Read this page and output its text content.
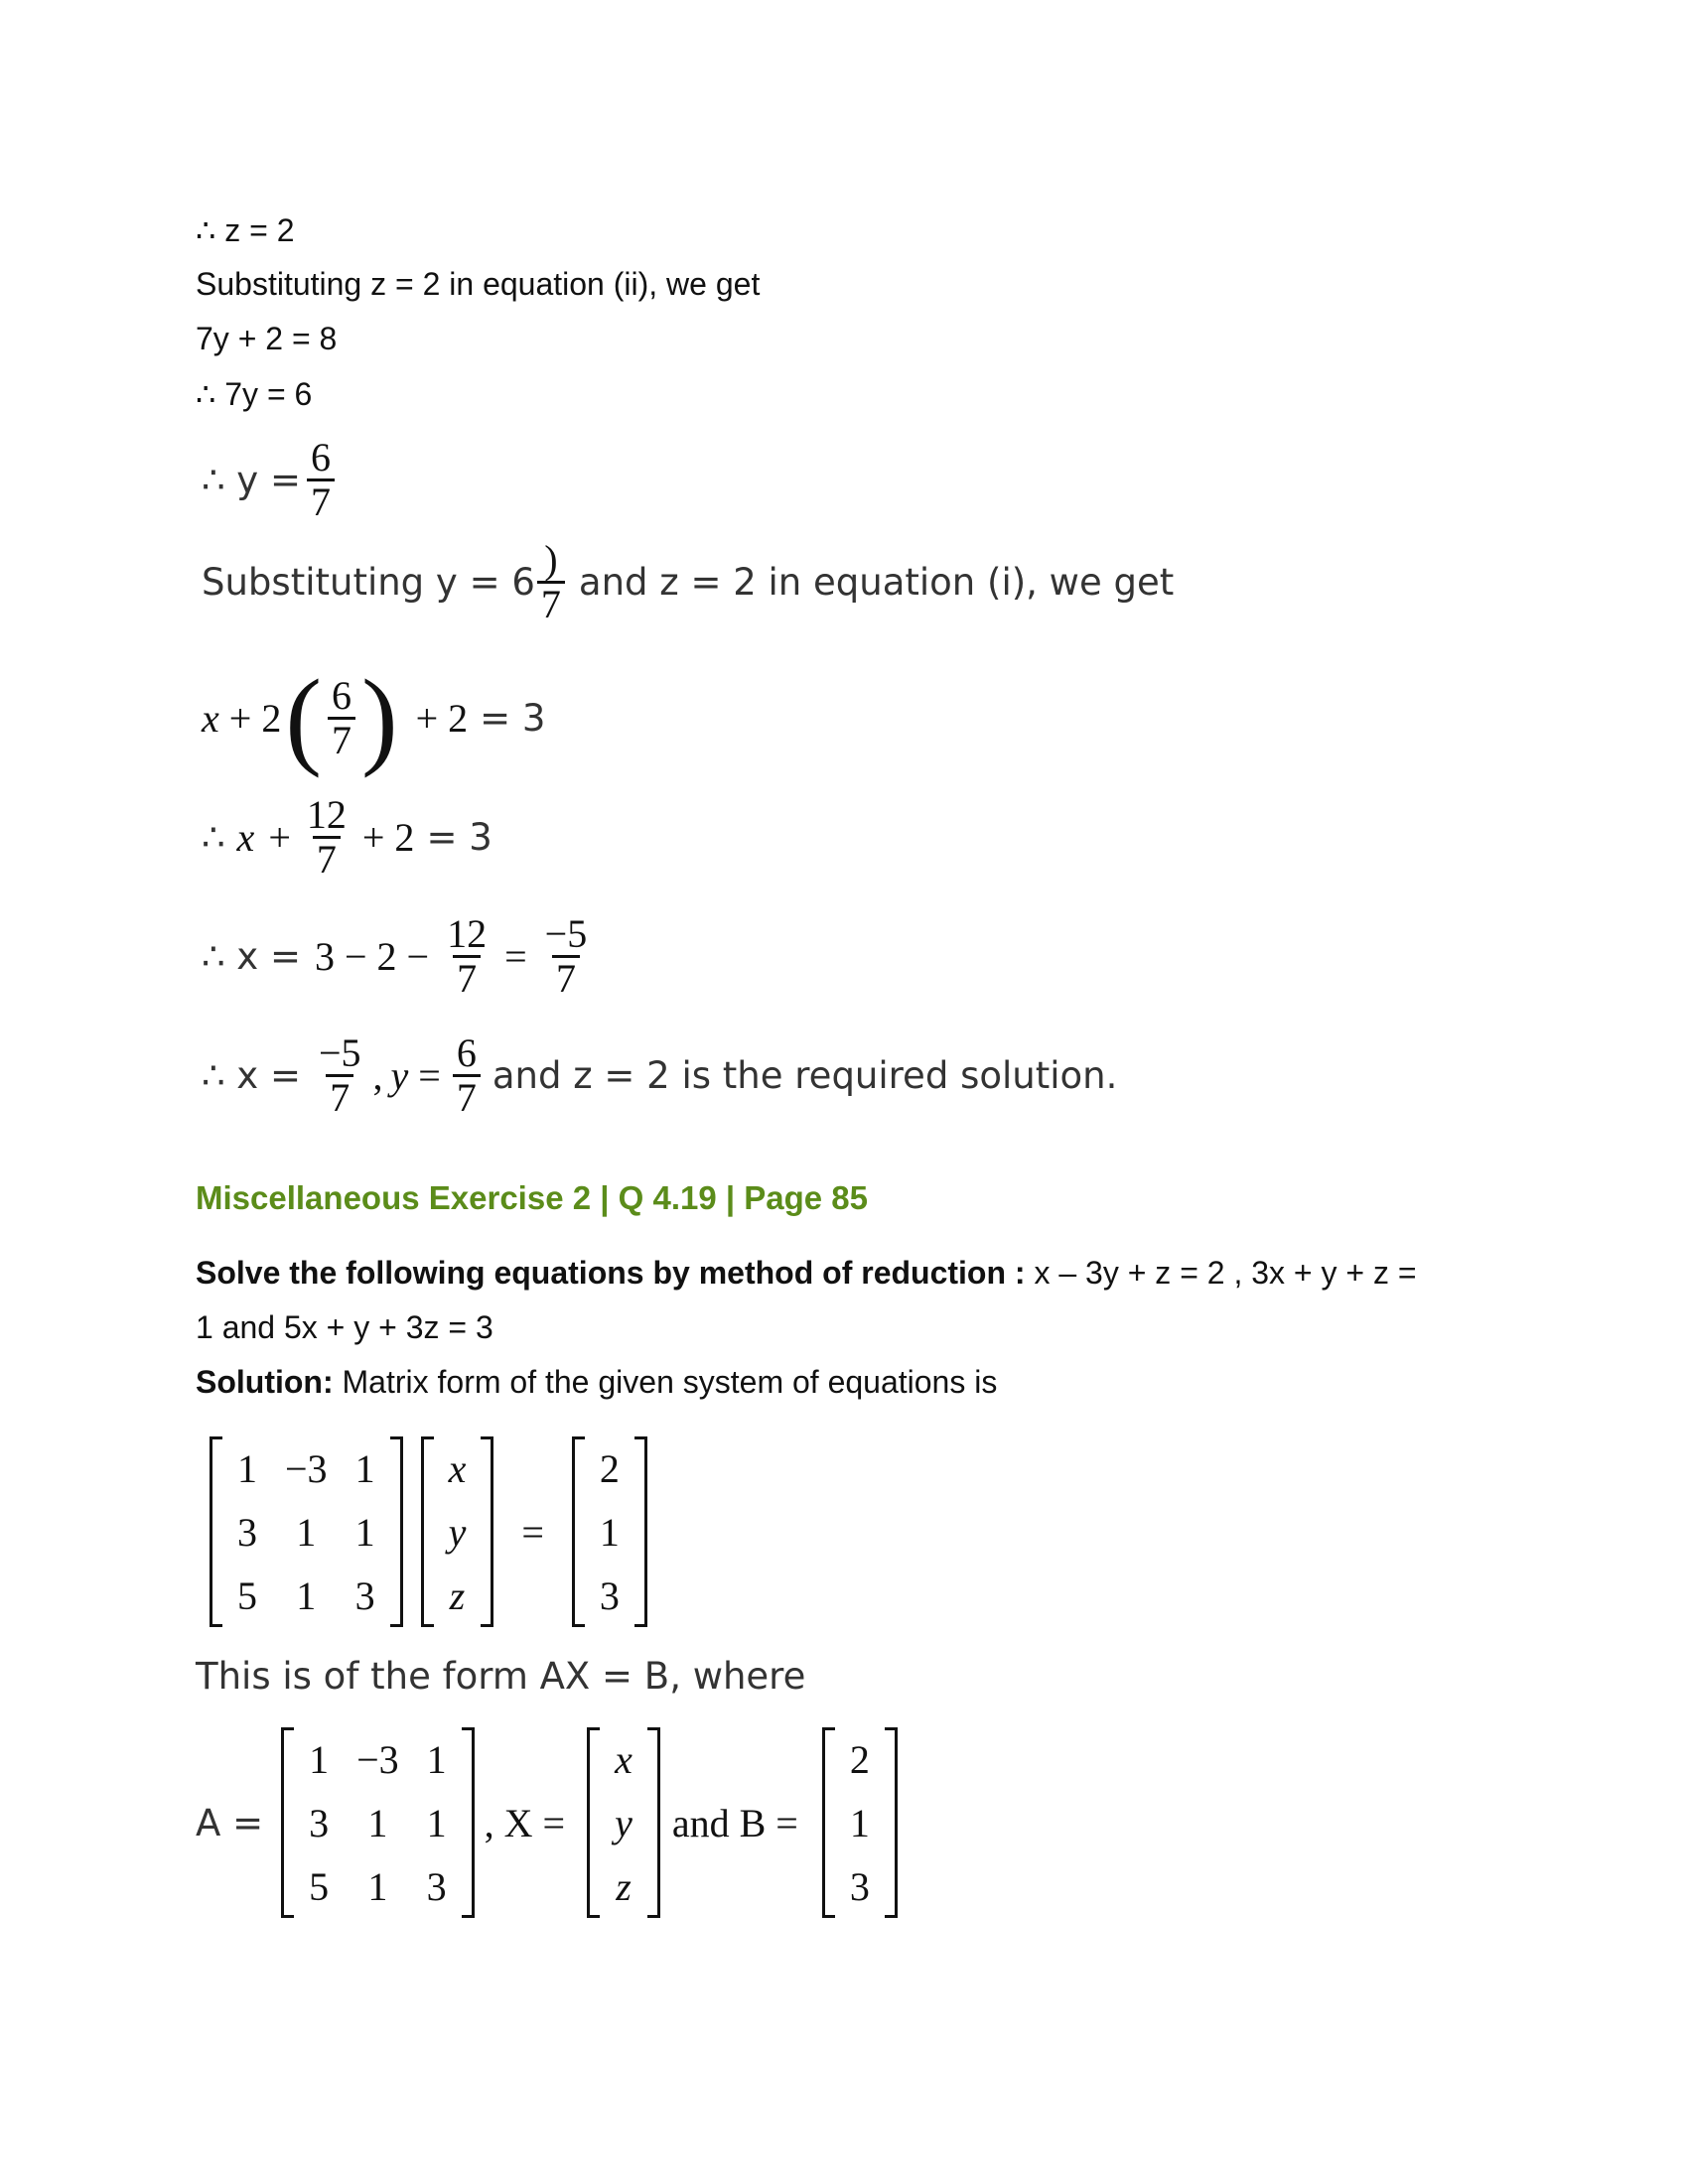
∴ z = 2
Substituting z = 2 in equation (ii), we get
7y + 2 = 8
∴ 7y = 6
∴ $y = \frac{6}{7}$
Substituting $y = 6 \frac{)}{7}$ and z = 2 in equation (i), we get
x + 2 ( $\frac{6}{7}$ ) + 2 = 3
∴ $x + \frac{12}{7} + 2 = 3$
∴ $x = 3 - 2 - \frac{12}{7} = \frac{-5}{7}$
∴ $x = \frac{-5}{7}$ , $y = \frac{6}{7}$ and z = 2 is the required solution.
Miscellaneous Exercise 2 | Q 4.19 | Page 85
Solve the following equations by method of reduction : x – 3y + z = 2 , 3x + y + z =
1 and 5x + y + 3z = 3
Solution: Matrix form of the given system of equations is
1	−3	1
3	1	1
5	1	3
x
y
z
=
2
1
3
This is of the form AX = B, where
A =
1	−3	1
3	1	1
5	1	3
, X =
x
y
z
and B =
2
1
3
